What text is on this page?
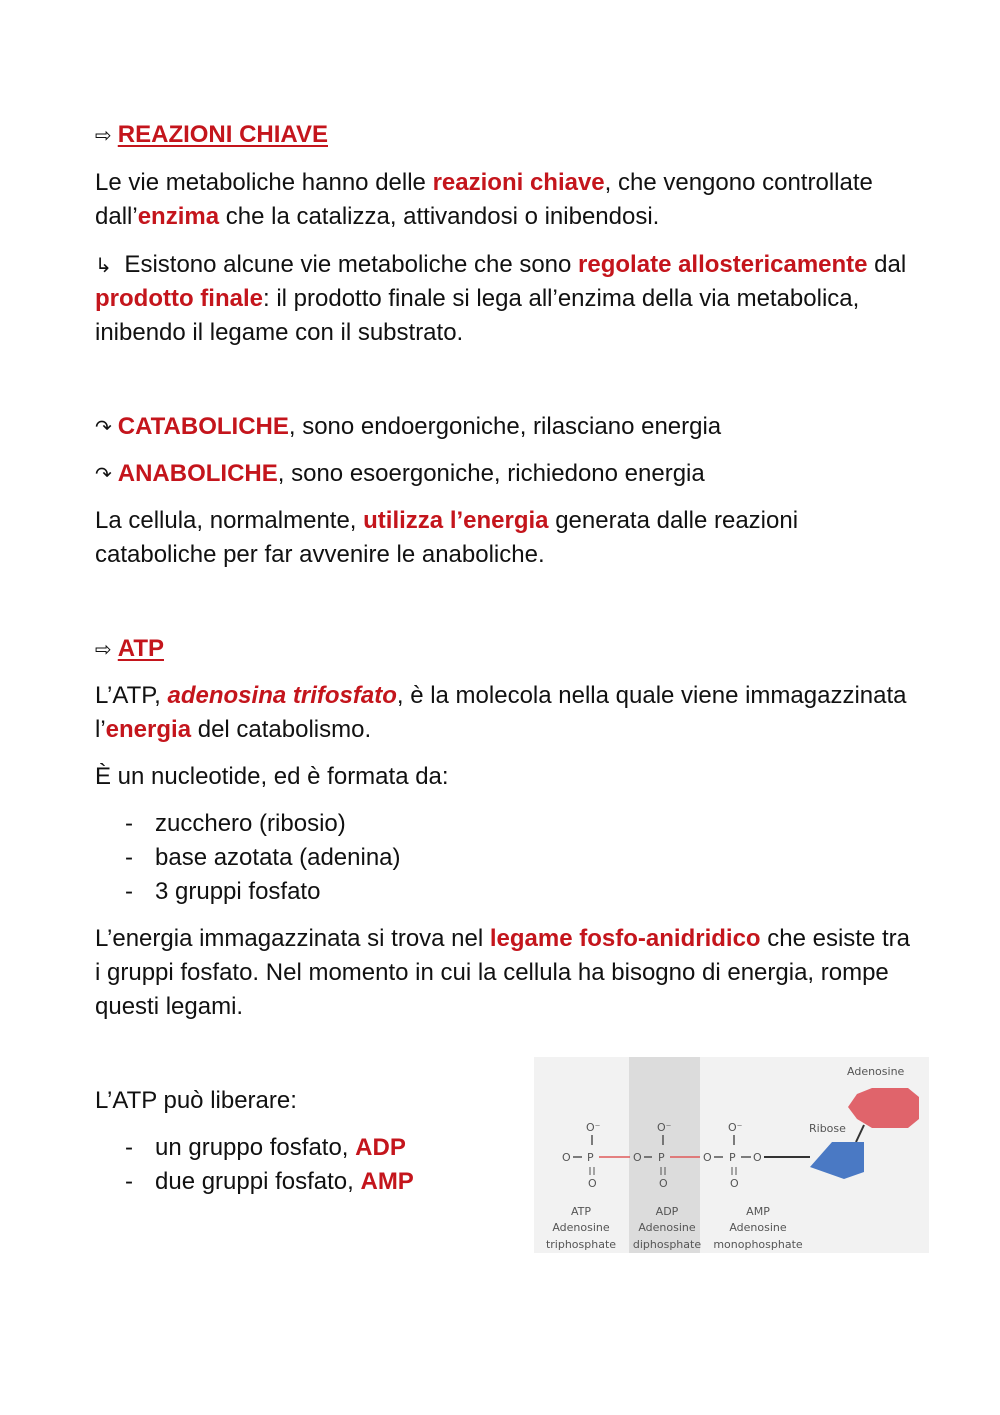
⇨ REAZIONI CHIAVE

Le vie metaboliche hanno delle reazioni chiave, che vengono controllate dall’enzima che la catalizza, attivandosi o inibendosi.

↳ Esistono alcune vie metaboliche che sono regolate allostericamente dal prodotto finale: il prodotto finale si lega all’enzima della via metabolica, inibendo il legame con il substrato.

↷ CATABOLICHE, sono endoergoniche, rilasciano energia

↷ ANABOLICHE, sono esoergoniche, richiedono energia

La cellula, normalmente, utilizza l’energia generata dalle reazioni cataboliche per far avvenire le anaboliche.

⇨ ATP

L’ATP, adenosina trifosfato, è la molecola nella quale viene immagazzinata l’energia del catabolismo.

È un nucleotide, ed è formata da:

- zucchero (ribosio)
- base azotata (adenina)
- 3 gruppi fosfato

L’energia immagazzinata si trova nel legame fosfo-anidridico che esiste tra i gruppi fosfato. Nel momento in cui la cellula ha bisogno di energia, rompe questi legami.

L’ATP può liberare:

- un gruppo fosfato, ADP
- due gruppi fosfato, AMP
Adenosine
Ribose
O⁻
O P
O
O
O⁻
P
O
O
O⁻
P
O
O
ATP
Adenosine
triphosphate
ADP
Adenosine
diphosphate
AMP
Adenosine
monophosphate
